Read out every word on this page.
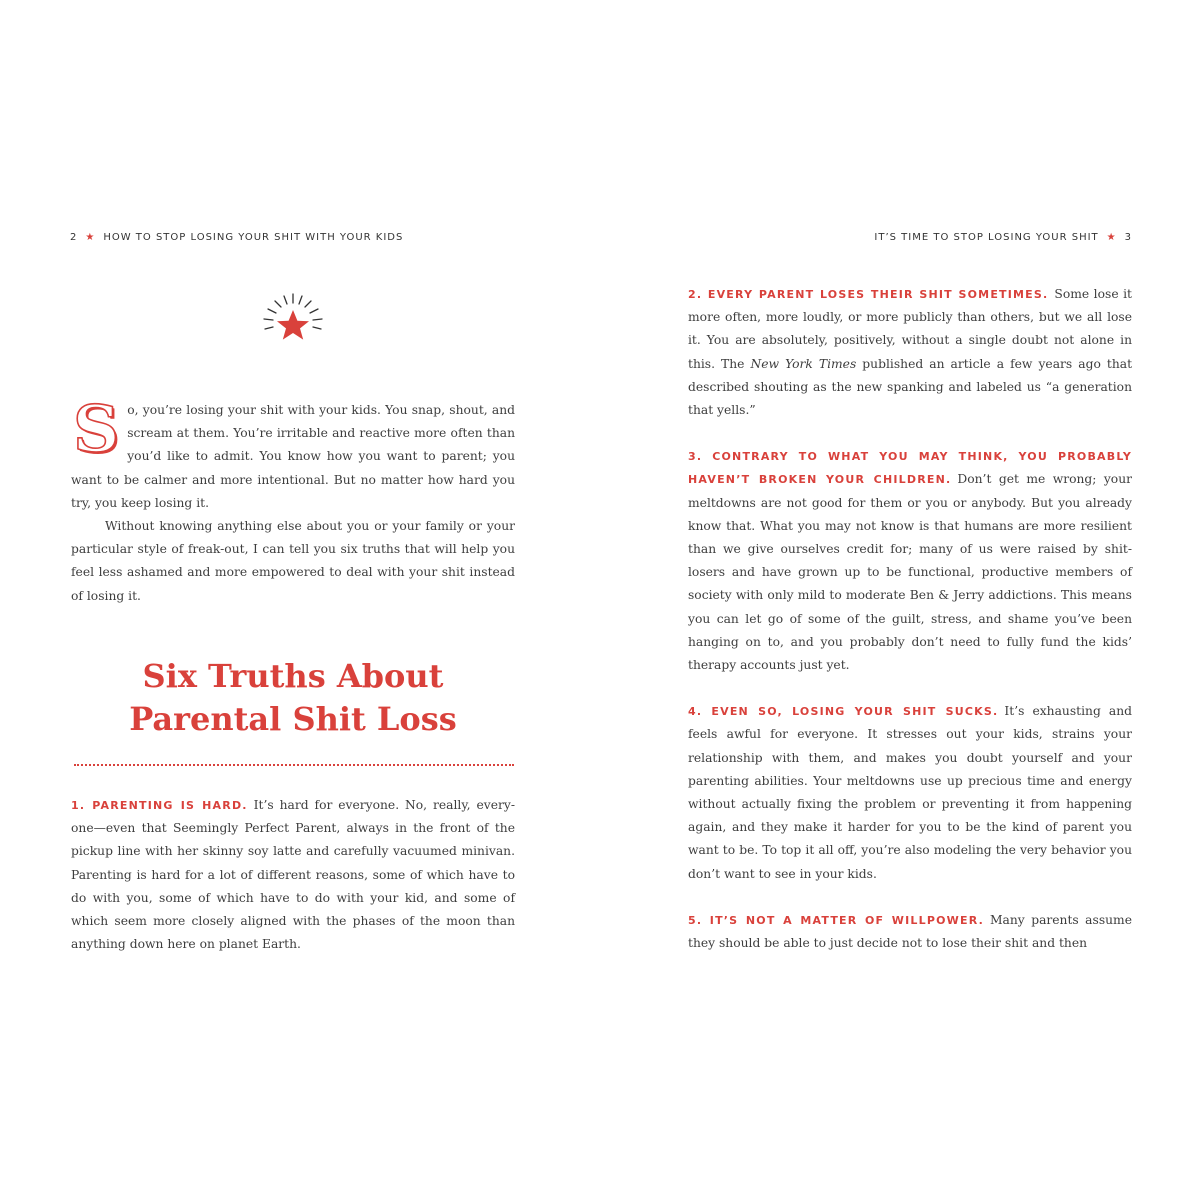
2 ★ HOW TO STOP LOSING YOUR SHIT WITH YOUR KIDS

So, you’re losing your shit with your kids. You snap, shout, and scream at them. You’re irritable and reactive more often than you’d like to admit. You know how you want to parent; you want to be calmer and more intentional. But no matter how hard you try, you keep losing it.

Without knowing anything else about you or your family or your particular style of freak-out, I can tell you six truths that will help you feel less ashamed and more empowered to deal with your shit instead of losing it.

Six Truths About
Parental Shit Loss

1. PARENTING IS HARD. It’s hard for everyone. No, really, everyone—even that Seemingly Perfect Parent, always in the front of the pickup line with her skinny soy latte and carefully vacuumed minivan. Parenting is hard for a lot of different reasons, some of which have to do with you, some of which have to do with your kid, and some of which seem more closely aligned with the phases of the moon than anything down here on planet Earth.

IT’S TIME TO STOP LOSING YOUR SHIT ★ 3

2. EVERY PARENT LOSES THEIR SHIT SOMETIMES. Some lose it more often, more loudly, or more publicly than others, but we all lose it. You are absolutely, positively, without a single doubt not alone in this. The New York Times published an article a few years ago that described shouting as the new spanking and labeled us “a generation that yells.”

3. CONTRARY TO WHAT YOU MAY THINK, YOU PROBABLY HAVEN’T BROKEN YOUR CHILDREN. Don’t get me wrong; your meltdowns are not good for them or you or anybody. But you already know that. What you may not know is that humans are more resilient than we give ourselves credit for; many of us were raised by shit-losers and have grown up to be functional, productive members of society with only mild to moderate Ben & Jerry addictions. This means you can let go of some of the guilt, stress, and shame you’ve been hanging on to, and you probably don’t need to fully fund the kids’ therapy accounts just yet.

4. EVEN SO, LOSING YOUR SHIT SUCKS. It’s exhausting and feels awful for everyone. It stresses out your kids, strains your relationship with them, and makes you doubt yourself and your parenting abilities. Your meltdowns use up precious time and energy without actually fixing the problem or preventing it from happening again, and they make it harder for you to be the kind of parent you want to be. To top it all off, you’re also modeling the very behavior you don’t want to see in your kids.

5. IT’S NOT A MATTER OF WILLPOWER. Many parents assume they should be able to just decide not to lose their shit and then
